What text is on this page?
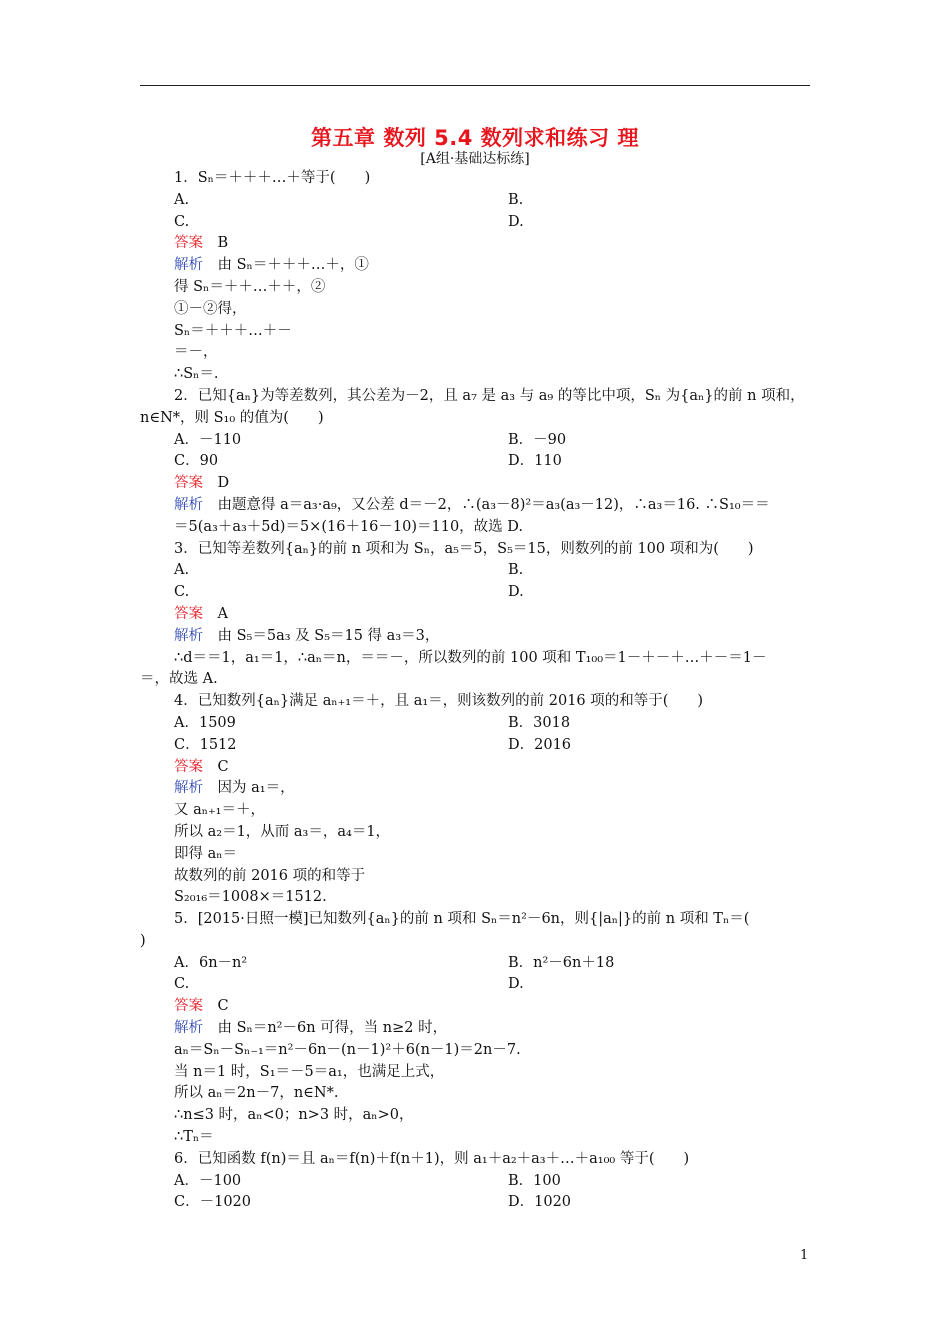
第五章 数列 5.4 数列求和练习 理
[A组·基础达标练]
1．Sₙ＝＋＋＋…＋等于(　　)
A.	B.
C.	D.
答案　B
解析　由 Sₙ＝＋＋＋…＋，①
得 Sₙ＝＋＋…＋＋，②
①－②得，
Sₙ＝＋＋＋…＋－
＝－，
∴Sₙ＝.
2．已知{aₙ}为等差数列，其公差为－2，且 a₇ 是 a₃ 与 a₉ 的等比中项，Sₙ 为{aₙ}的前 n 项和，
n∈N*，则 S₁₀ 的值为(　　)
A．－110	B．－90
C．90	D．110
答案　D
解析　由题意得 a＝a₃·a₉，又公差 d＝－2，∴(a₃－8)²＝a₃(a₃－12)，∴a₃＝16. ∴S₁₀＝＝
＝5(a₃＋a₃＋5d)＝5×(16＋16－10)＝110，故选 D.
3．已知等差数列{aₙ}的前 n 项和为 Sₙ，a₅＝5，S₅＝15，则数列的前 100 项和为(　　)
A.	B.
C.	D.
答案　A
解析　由 S₅＝5a₃ 及 S₅＝15 得 a₃＝3，
∴d＝＝1，a₁＝1，∴aₙ＝n，＝＝－，所以数列的前 100 项和 T₁₀₀＝1－＋－＋…＋－＝1－
＝，故选 A.
4．已知数列{aₙ}满足 aₙ₊₁＝＋，且 a₁＝，则该数列的前 2016 项的和等于(　　)
A．1509	B．3018
C．1512	D．2016
答案　C
解析　因为 a₁＝，
又 aₙ₊₁＝＋，
所以 a₂＝1，从而 a₃＝，a₄＝1，
即得 aₙ＝
故数列的前 2016 项的和等于
S₂₀₁₆＝1008×＝1512.
5．[2015·日照一模]已知数列{aₙ}的前 n 项和 Sₙ＝n²－6n，则{|aₙ|}的前 n 项和 Tₙ＝(
)
A．6n－n²	B．n²－6n＋18
C.	D.
答案　C
解析　由 Sₙ＝n²－6n 可得，当 n≥2 时，
aₙ＝Sₙ－Sₙ₋₁＝n²－6n－(n－1)²＋6(n－1)＝2n－7.
当 n＝1 时，S₁＝－5＝a₁，也满足上式，
所以 aₙ＝2n－7，n∈N*.
∴n≤3 时，aₙ<0；n>3 时，aₙ>0，
∴Tₙ＝
6．已知函数 f(n)＝且 aₙ＝f(n)＋f(n＋1)，则 a₁＋a₂＋a₃＋…＋a₁₀₀ 等于(　　)
A．－100	B．100
C．－1020	D．1020
1
